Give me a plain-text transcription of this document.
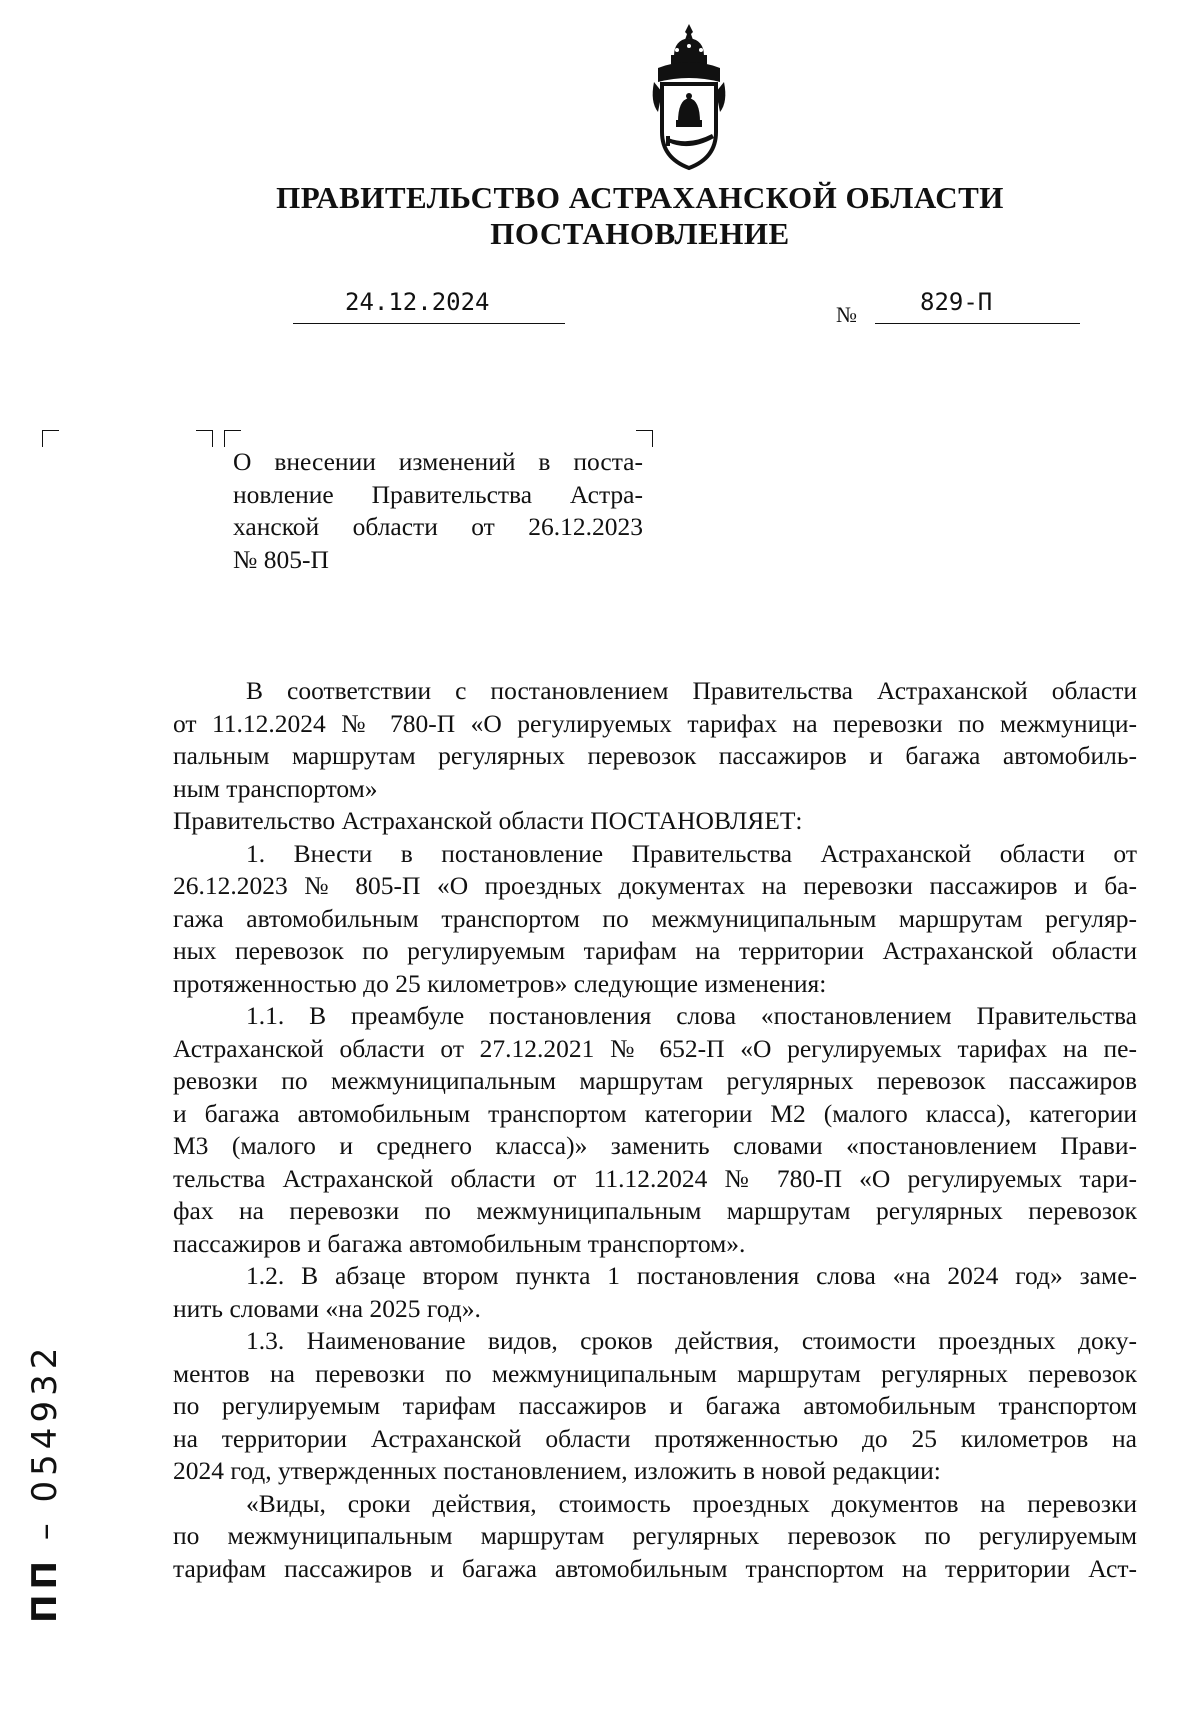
ПРАВИТЕЛЬСТВО АСТРАХАНСКОЙ ОБЛАСТИ
ПОСТАНОВЛЕНИЕ
24.12.2024	№	829-П
О внесении изменений в поста-
новление Правительства Астра-
ханской области от 26.12.2023
№ 805-П
В соответствии с постановлением Правительства Астраханской области
от 11.12.2024 № 780-П «О регулируемых тарифах на перевозки по межмуници-
пальным маршрутам регулярных перевозок пассажиров и багажа автомобиль-
ным транспортом»
Правительство Астраханской области ПОСТАНОВЛЯЕТ:
1. Внести в постановление Правительства Астраханской области от
26.12.2023 № 805-П «О проездных документах на перевозки пассажиров и ба-
гажа автомобильным транспортом по межмуниципальным маршрутам регуляр-
ных перевозок по регулируемым тарифам на территории Астраханской области
протяженностью до 25 километров» следующие изменения:
1.1. В преамбуле постановления слова «постановлением Правительства
Астраханской области от 27.12.2021 № 652-П «О регулируемых тарифах на пе-
ревозки по межмуниципальным маршрутам регулярных перевозок пассажиров
и багажа автомобильным транспортом категории М2 (малого класса), категории
М3 (малого и среднего класса)» заменить словами «постановлением Прави-
тельства Астраханской области от 11.12.2024 № 780-П «О регулируемых тари-
фах на перевозки по межмуниципальным маршрутам регулярных перевозок
пассажиров и багажа автомобильным транспортом».
1.2. В абзаце втором пункта 1 постановления слова «на 2024 год» заме-
нить словами «на 2025 год».
1.3. Наименование видов, сроков действия, стоимости проездных доку-
ментов на перевозки по межмуниципальным маршрутам регулярных перевозок
по регулируемым тарифам пассажиров и багажа автомобильным транспортом
на территории Астраханской области протяженностью до 25 километров на
2024 год, утвержденных постановлением, изложить в новой редакции:
«Виды, сроки действия, стоимость проездных документов на перевозки
по межмуниципальным маршрутам регулярных перевозок по регулируемым
тарифам пассажиров и багажа автомобильным транспортом на территории Аст-
ПП – 054932
